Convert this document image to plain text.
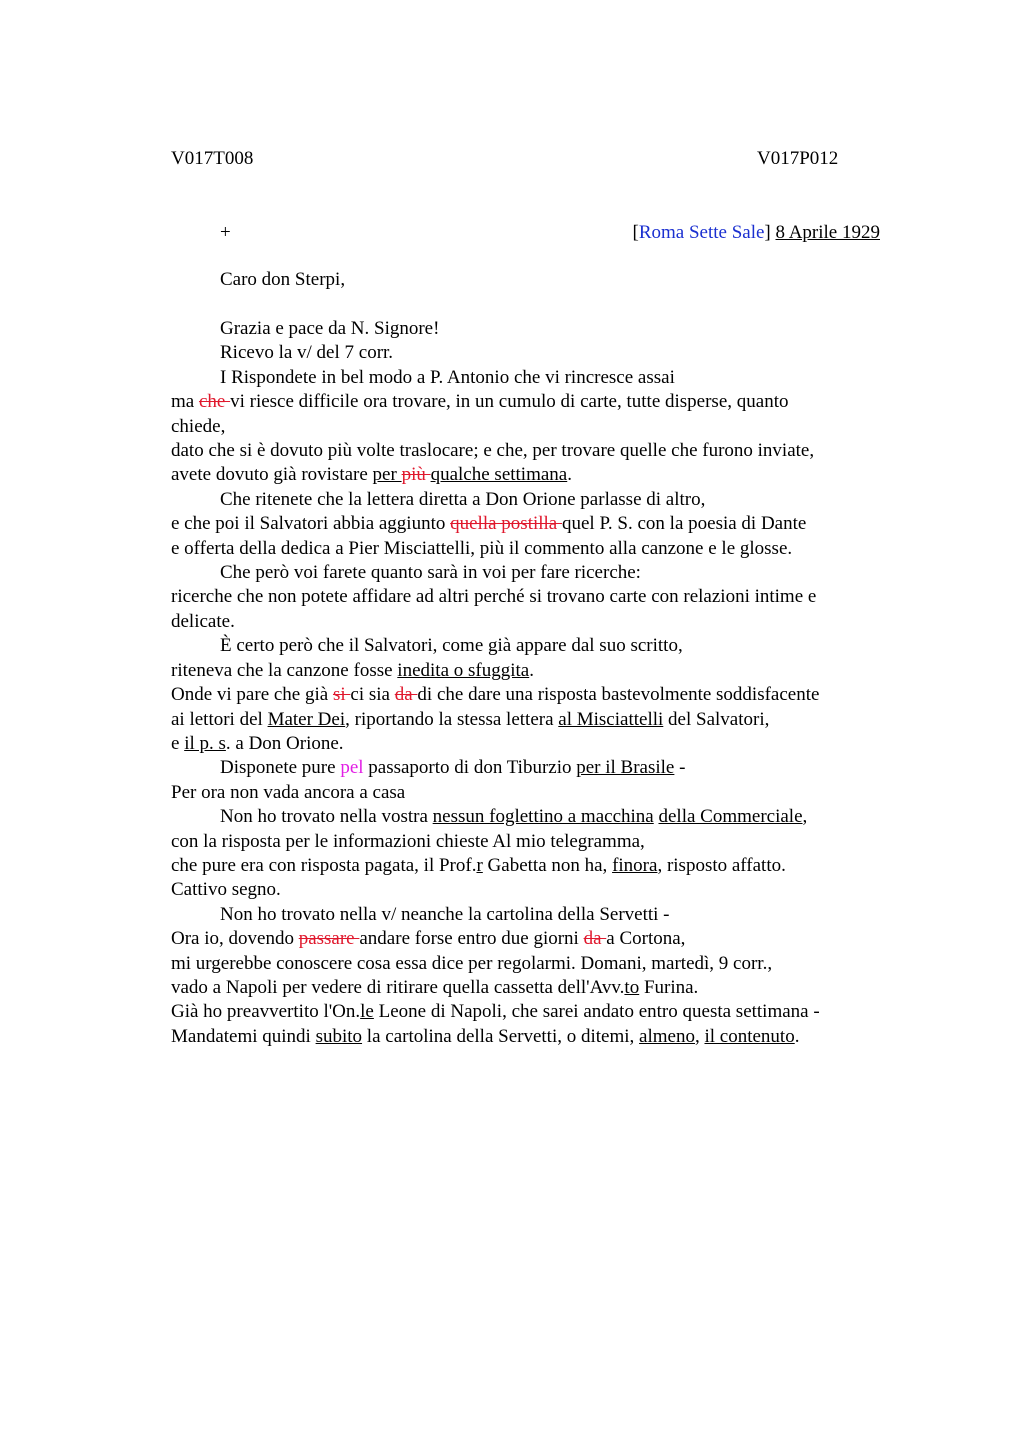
V017T008	V017P012
+	[Roma Sette Sale] 8 Aprile 1929
Caro don Sterpi,
Grazia e pace da N. Signore!
Ricevo la v/ del 7 corr.
I Rispondete in bel modo a P. Antonio che vi rincresce assai
ma che vi riesce difficile ora trovare, in un cumulo di carte, tutte disperse, quanto
chiede,
dato che si è dovuto più volte traslocare; e che, per trovare quelle che furono inviate,
avete dovuto già rovistare per più qualche settimana.
Che ritenete che la lettera diretta a Don Orione parlasse di altro,
e che poi il Salvatori abbia aggiunto quella postilla quel P. S. con la poesia di Dante
e offerta della dedica a Pier Misciattelli, più il commento alla canzone e le glosse.
Che però voi farete quanto sarà in voi per fare ricerche:
ricerche che non potete affidare ad altri perché si trovano carte con relazioni intime e
delicate.
È certo però che il Salvatori, come già appare dal suo scritto,
riteneva che la canzone fosse inedita o sfuggita.
Onde vi pare che già si ci sia da di che dare una risposta bastevolmente soddisfacente
ai lettori del Mater Dei, riportando la stessa lettera al Misciattelli del Salvatori,
e il p. s. a Don Orione.
Disponete pure pel passaporto di don Tiburzio per il Brasile -
Per ora non vada ancora a casa
Non ho trovato nella vostra nessun foglettino a macchina della Commerciale,
con la risposta per le informazioni chieste Al mio telegramma,
che pure era con risposta pagata, il Prof.r Gabetta non ha, finora, risposto affatto.
Cattivo segno.
Non ho trovato nella v/ neanche la cartolina della Servetti -
Ora io, dovendo passare andare forse entro due giorni da a Cortona,
mi urgerebbe conoscere cosa essa dice per regolarmi. Domani, martedì, 9 corr.,
vado a Napoli per vedere di ritirare quella cassetta dell'Avv.to Furina.
Già ho preavvertito l'On.le Leone di Napoli, che sarei andato entro questa settimana -
Mandatemi quindi subito la cartolina della Servetti, o ditemi, almeno, il contenuto.
